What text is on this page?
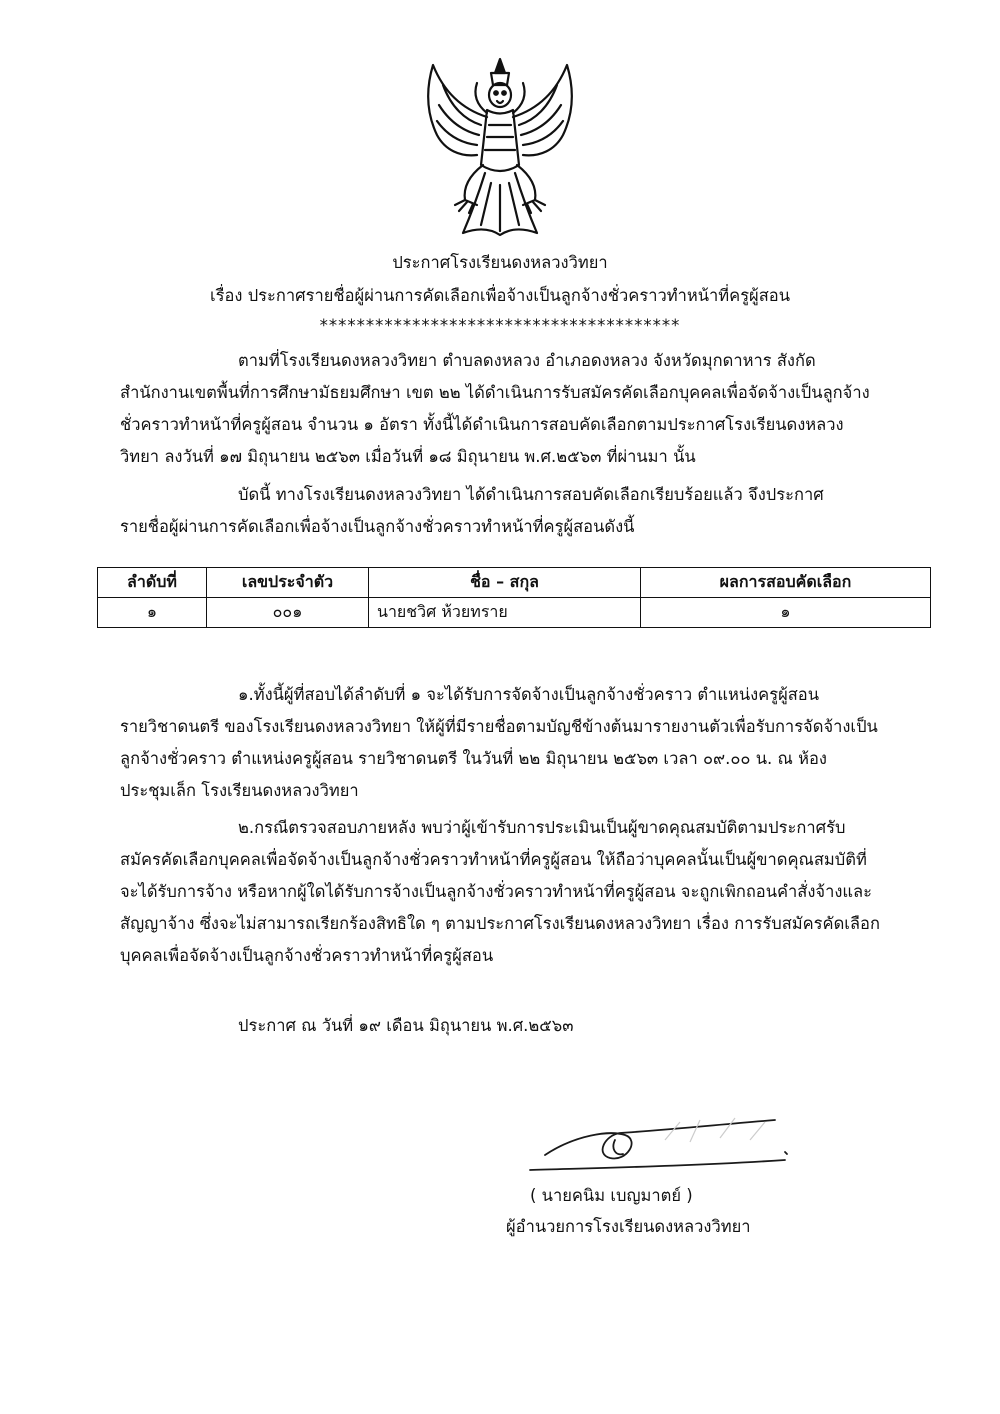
ประกาศโรงเรียนดงหลวงวิทยา
เรื่อง ประกาศรายชื่อผู้ผ่านการคัดเลือกเพื่อจ้างเป็นลูกจ้างชั่วคราวทำหน้าที่ครูผู้สอน
***************************************
ตามที่โรงเรียนดงหลวงวิทยา ตำบลดงหลวง อำเภอดงหลวง จังหวัดมุกดาหาร สังกัด
สำนักงานเขตพื้นที่การศึกษามัธยมศึกษา เขต ๒๒ ได้ดำเนินการรับสมัครคัดเลือกบุคคลเพื่อจัดจ้างเป็นลูกจ้าง
ชั่วคราวทำหน้าที่ครูผู้สอน จำนวน ๑ อัตรา ทั้งนี้ได้ดำเนินการสอบคัดเลือกตามประกาศโรงเรียนดงหลวง
วิทยา ลงวันที่ ๑๗ มิถุนายน ๒๕๖๓ เมื่อวันที่ ๑๘ มิถุนายน พ.ศ.๒๕๖๓ ที่ผ่านมา นั้น
บัดนี้ ทางโรงเรียนดงหลวงวิทยา ได้ดำเนินการสอบคัดเลือกเรียบร้อยแล้ว จึงประกาศ
รายชื่อผู้ผ่านการคัดเลือกเพื่อจ้างเป็นลูกจ้างชั่วคราวทำหน้าที่ครูผู้สอนดังนี้
ลำดับที่	เลขประจำตัว	ชื่อ – สกุล	ผลการสอบคัดเลือก
๑	๐๐๑	นายชวิศ ห้วยทราย	๑
๑.ทั้งนี้ผู้ที่สอบได้ลำดับที่ ๑ จะได้รับการจัดจ้างเป็นลูกจ้างชั่วคราว ตำแหน่งครูผู้สอน
รายวิชาดนตรี ของโรงเรียนดงหลวงวิทยา ให้ผู้ที่มีรายชื่อตามบัญชีข้างต้นมารายงานตัวเพื่อรับการจัดจ้างเป็น
ลูกจ้างชั่วคราว ตำแหน่งครูผู้สอน รายวิชาดนตรี ในวันที่ ๒๒ มิถุนายน ๒๕๖๓ เวลา ๐๙.๐๐ น. ณ ห้อง
ประชุมเล็ก โรงเรียนดงหลวงวิทยา
๒.กรณีตรวจสอบภายหลัง พบว่าผู้เข้ารับการประเมินเป็นผู้ขาดคุณสมบัติตามประกาศรับ
สมัครคัดเลือกบุคคลเพื่อจัดจ้างเป็นลูกจ้างชั่วคราวทำหน้าที่ครูผู้สอน ให้ถือว่าบุคคลนั้นเป็นผู้ขาดคุณสมบัติที่
จะได้รับการจ้าง หรือหากผู้ใดได้รับการจ้างเป็นลูกจ้างชั่วคราวทำหน้าที่ครูผู้สอน จะถูกเพิกถอนคำสั่งจ้างและ
สัญญาจ้าง ซึ่งจะไม่สามารถเรียกร้องสิทธิใด ๆ ตามประกาศโรงเรียนดงหลวงวิทยา เรื่อง การรับสมัครคัดเลือก
บุคคลเพื่อจัดจ้างเป็นลูกจ้างชั่วคราวทำหน้าที่ครูผู้สอน
ประกาศ ณ วันที่ ๑๙ เดือน มิถุนายน พ.ศ.๒๕๖๓
( นายคนิม เบญมาตย์ )
ผู้อำนวยการโรงเรียนดงหลวงวิทยา
